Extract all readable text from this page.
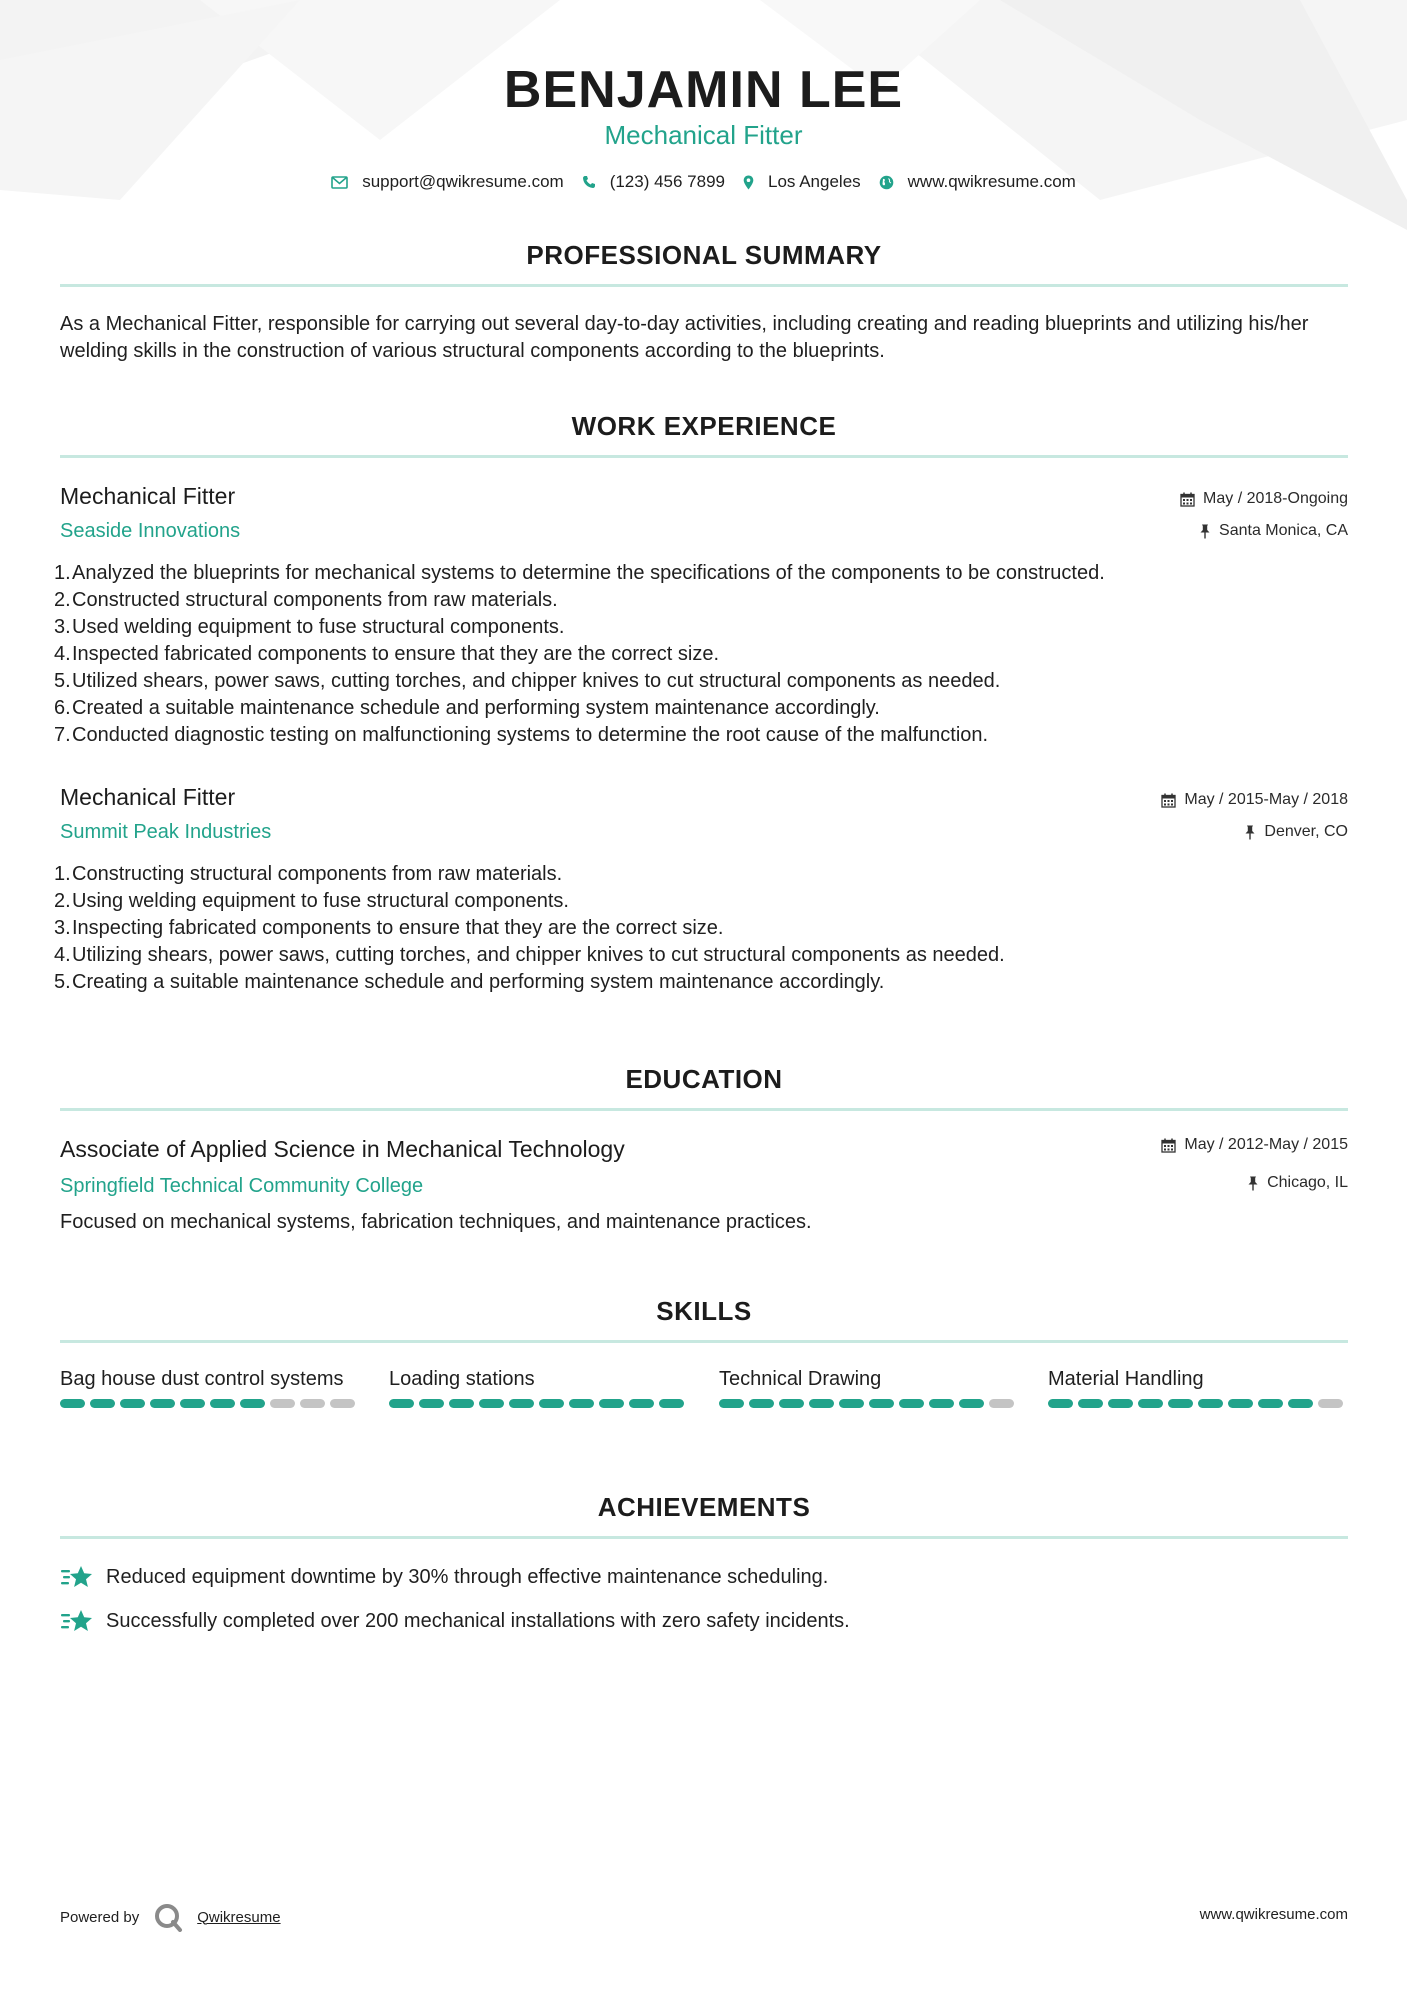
BENJAMIN LEE
Mechanical Fitter
support@qwikresume.com	(123) 456 7899	Los Angeles	www.qwikresume.com
PROFESSIONAL SUMMARY
As a Mechanical Fitter, responsible for carrying out several day-to-day activities, including creating and reading blueprints and utilizing his/her welding skills in the construction of various structural components according to the blueprints.
WORK EXPERIENCE
Mechanical Fitter
Seaside Innovations
May / 2018-Ongoing
Santa Monica, CA
1. Analyzed the blueprints for mechanical systems to determine the specifications of the components to be constructed.
2. Constructed structural components from raw materials.
3. Used welding equipment to fuse structural components.
4. Inspected fabricated components to ensure that they are the correct size.
5. Utilized shears, power saws, cutting torches, and chipper knives to cut structural components as needed.
6. Created a suitable maintenance schedule and performing system maintenance accordingly.
7. Conducted diagnostic testing on malfunctioning systems to determine the root cause of the malfunction.
Mechanical Fitter
Summit Peak Industries
May / 2015-May / 2018
Denver, CO
1. Constructing structural components from raw materials.
2. Using welding equipment to fuse structural components.
3. Inspecting fabricated components to ensure that they are the correct size.
4. Utilizing shears, power saws, cutting torches, and chipper knives to cut structural components as needed.
5. Creating a suitable maintenance schedule and performing system maintenance accordingly.
EDUCATION
Associate of Applied Science in Mechanical Technology
Springfield Technical Community College
May / 2012-May / 2015
Chicago, IL
Focused on mechanical systems, fabrication techniques, and maintenance practices.
SKILLS
Bag house dust control systems	Loading stations	Technical Drawing	Material Handling
ACHIEVEMENTS
Reduced equipment downtime by 30% through effective maintenance scheduling.
Successfully completed over 200 mechanical installations with zero safety incidents.
Powered by	Qwikresume	www.qwikresume.com
